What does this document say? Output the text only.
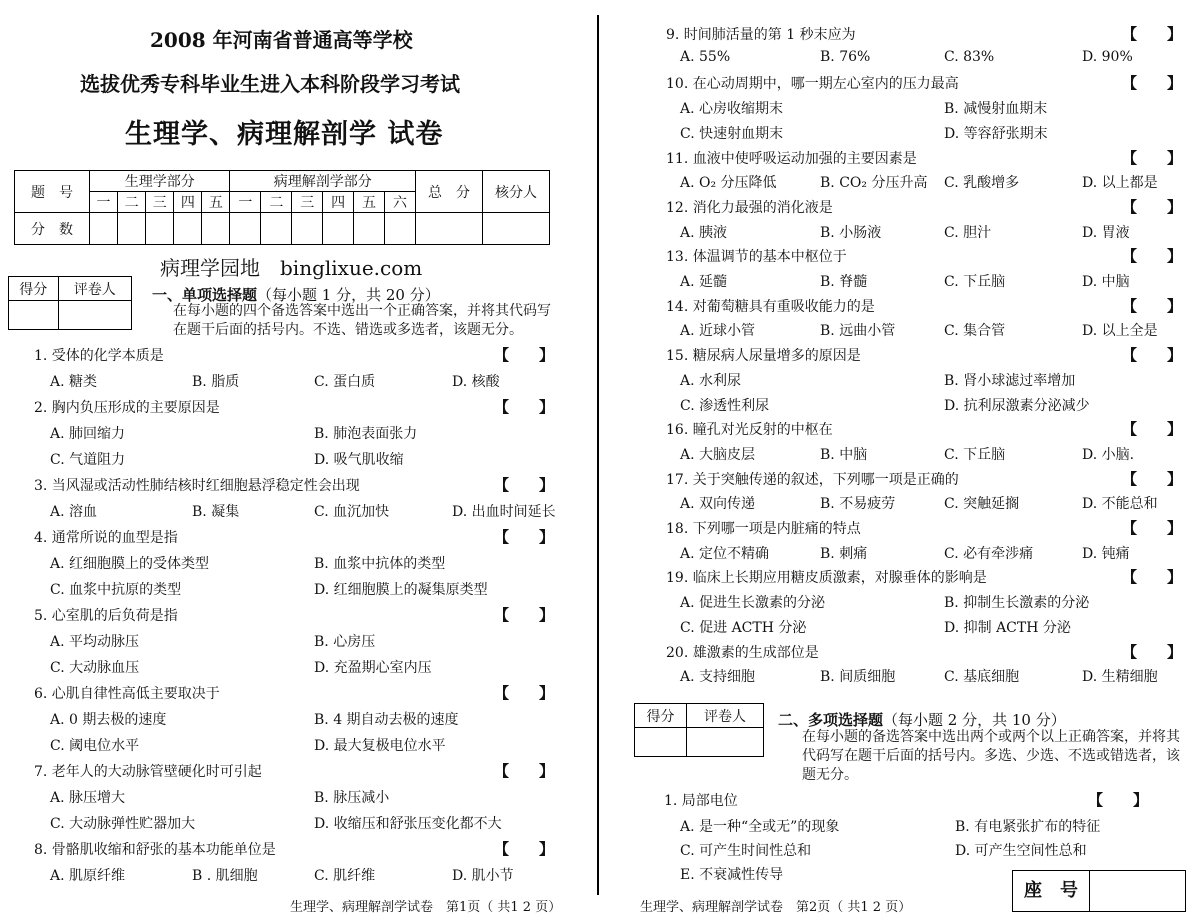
2008 年河南省普通高等学校
选拔优秀专科毕业生进入本科阶段学习考试
生理学、病理解剖学 试卷
题　号	生理学部分					病理解剖学部分						总　分	核分人
	一	二	三	四	五	一	二	三	四	五	六		
分　数													
病理学园地　binglixue.com
得分	评卷人
	一、单项选择题（每小题 1 分，共 20 分）
在每小题的四个备选答案中选出一个正确答案，并将其代码写在题干后面的括号内。不选、错选或多选者，该题无分。
1. 受体的化学本质是	【　　】
A. 糖类	B. 脂质	C. 蛋白质	D. 核酸
2. 胸内负压形成的主要原因是	【　　】
A. 肺回缩力	B. 肺泡表面张力
C. 气道阻力	D. 吸气肌收缩
3. 当风湿或活动性肺结核时红细胞悬浮稳定性会出现	【　　】
A. 溶血	B. 凝集	C. 血沉加快	D. 出血时间延长
4. 通常所说的血型是指	【　　】
A. 红细胞膜上的受体类型	B. 血浆中抗体的类型
C. 血浆中抗原的类型	D. 红细胞膜上的凝集原类型
5. 心室肌的后负荷是指	【　　】
A. 平均动脉压	B. 心房压
C. 大动脉血压	D. 充盈期心室内压
6. 心肌自律性高低主要取决于	【　　】
A. 0 期去极的速度	B. 4 期自动去极的速度
C. 阈电位水平	D. 最大复极电位水平
7. 老年人的大动脉管壁硬化时可引起	【　　】
A. 脉压增大	B. 脉压减小
C. 大动脉弹性贮器加大	D. 收缩压和舒张压变化都不大
8. 骨骼肌收缩和舒张的基本功能单位是	【　　】
A. 肌原纤维	B . 肌细胞	C. 肌纤维	D. 肌小节
9. 时间肺活量的第 1 秒末应为	【　　】
A. 55%	B. 76%	C. 83%	D. 90%
10. 在心动周期中，哪一期左心室内的压力最高	【　　】
A. 心房收缩期末	B. 减慢射血期末
C. 快速射血期末	D. 等容舒张期末
11. 血液中使呼吸运动加强的主要因素是	【　　】
A. O₂ 分压降低	B. CO₂ 分压升高 C. 乳酸增多	D. 以上都是
12. 消化力最强的消化液是	【　　】
A. 胰液	B. 小肠液	C. 胆汁	D. 胃液
13. 体温调节的基本中枢位于	【　　】
A. 延髓	B. 脊髓	C. 下丘脑	D. 中脑
14. 对葡萄糖具有重吸收能力的是	【　　】
A. 近球小管	B. 远曲小管	C. 集合管	D. 以上全是
15. 糖尿病人尿量增多的原因是	【　　】
A. 水利尿	B. 肾小球滤过率增加
C. 渗透性利尿	D. 抗利尿激素分泌减少
16. 瞳孔对光反射的中枢在	【　　】
A. 大脑皮层	B. 中脑	C. 下丘脑	D. 小脑.
17. 关于突触传递的叙述，下列哪一项是正确的	【　　】
A. 双向传递	B. 不易疲劳	C. 突触延搁	D. 不能总和
18. 下列哪一项是内脏痛的特点	【　　】
A. 定位不精确	B. 刺痛	C. 必有牵涉痛	D. 钝痛
19. 临床上长期应用糖皮质激素，对腺垂体的影响是	【　　】
A. 促进生长激素的分泌	B. 抑制生长激素的分泌
C. 促进 ACTH 分泌	D. 抑制 ACTH 分泌
20. 雄激素的生成部位是	【　　】
A. 支持细胞	B. 间质细胞	C. 基底细胞	D. 生精细胞
得分	评卷人
	二、多项选择题（每小题 2 分，共 10 分）
在每小题的备选答案中选出两个或两个以上正确答案，并将其代码写在题干后面的括号内。多选、少选、不选或错选者，该题无分。
1. 局部电位	【　　】
A. 是一种“全或无”的现象	B. 有电紧张扩布的特征
C. 可产生时间性总和	D. 可产生空间性总和
E. 不衰减性传导
生理学、病理解剖学试卷　第1页（ 共1 2 页）	生理学、病理解剖学试卷　第2页（ 共1 2 页）
座　号
